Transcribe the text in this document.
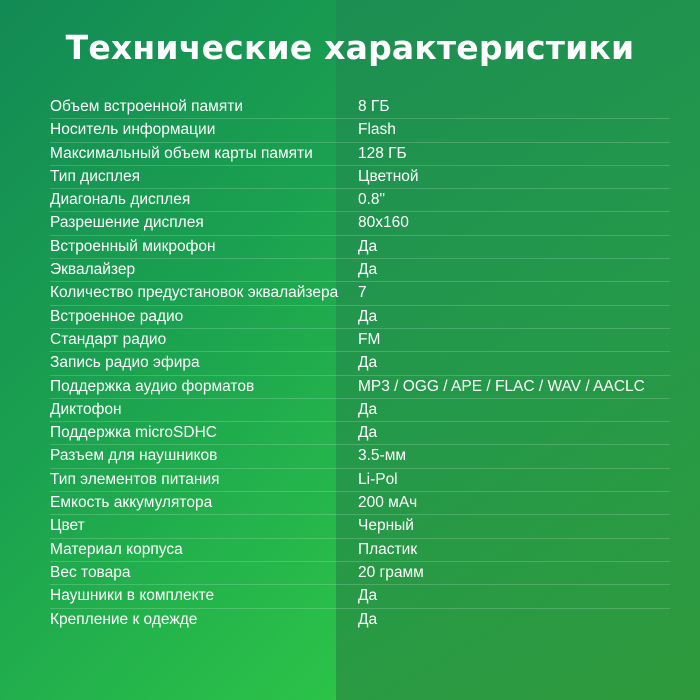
Технические характеристики
Объем встроенной памяти	8 ГБ
Носитель информации	Flash
Максимальный объем карты памяти	128 ГБ
Тип дисплея	Цветной
Диагональ дисплея	0.8"
Разрешение дисплея	80x160
Встроенный микрофон	Да
Эквалайзер	Да
Количество предустановок эквалайзера	7
Встроенное радио	Да
Стандарт радио	FM
Запись радио эфира	Да
Поддержка аудио форматов	MP3 / OGG / APE / FLAC / WAV / AACLC
Диктофон	Да
Поддержка microSDHC	Да
Разъем для наушников	3.5-мм
Тип элементов питания	Li-Pol
Емкость аккумулятора	200 мАч
Цвет	Черный
Материал корпуса	Пластик
Вес товара	20 грамм
Наушники в комплекте	Да
Крепление к одежде	Да
